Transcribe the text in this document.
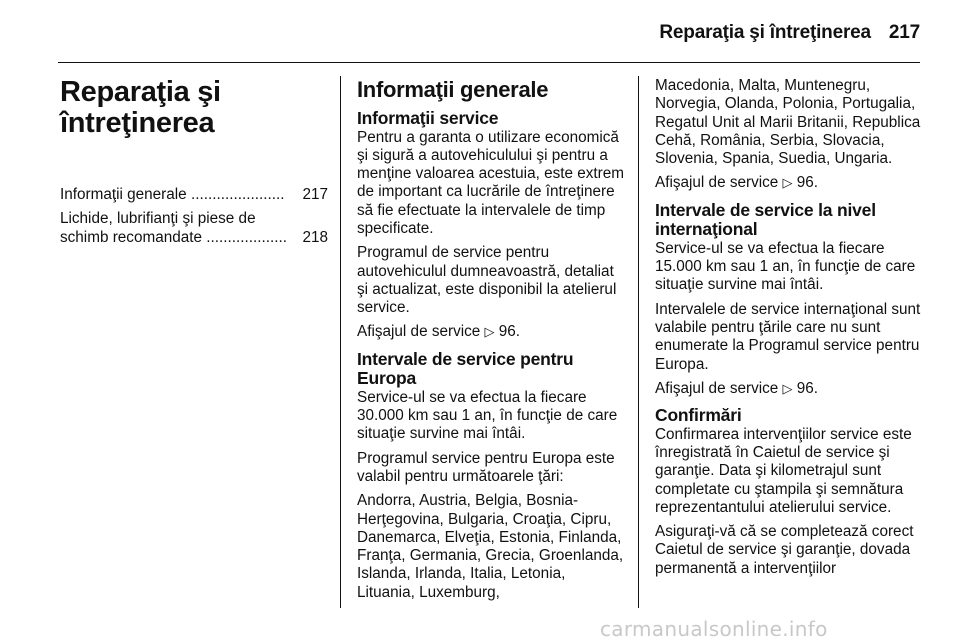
Reparaţia şi întreţinerea 217
Reparaţia şi
întreţinerea
Informaţii generale ......................	217
Lichide, lubrifianţi şi piese de
schimb recomandate ...................	218
Informaţii generale
Informaţii service

Pentru a garanta o utilizare economică şi sigură a autovehiculului şi pentru a menţine valoarea acestuia, este extrem de important ca lucrările de întreţinere să fie efectuate la intervalele de timp specificate.

Programul de service pentru autovehiculul dumneavoastră, detaliat şi actualizat, este disponibil la atelierul service.

Afişajul de service ▷ 96.

Intervale de service pentru Europa

Service-ul se va efectua la fiecare 30.000 km sau 1 an, în funcţie de care situaţie survine mai întâi.

Programul service pentru Europa este valabil pentru următoarele ţări:

Andorra, Austria, Belgia, Bosnia-Herţegovina, Bulgaria, Croaţia, Cipru, Danemarca, Elveţia, Estonia, Finlanda, Franţa, Germania, Grecia, Groenlanda, Islanda, Irlanda, Italia, Letonia, Lituania, Luxemburg,

Macedonia, Malta, Muntenegru, Norvegia, Olanda, Polonia, Portugalia, Regatul Unit al Marii Britanii, Republica Cehă, România, Serbia, Slovacia, Slovenia, Spania, Suedia, Ungaria.

Afişajul de service ▷ 96.

Intervale de service la nivel internaţional

Service-ul se va efectua la fiecare 15.000 km sau 1 an, în funcţie de care situaţie survine mai întâi.

Intervalele de service internaţional sunt valabile pentru ţările care nu sunt enumerate la Programul service pentru Europa.

Afişajul de service ▷ 96.

Confirmări

Confirmarea intervenţiilor service este înregistrată în Caietul de service şi garanţie. Data şi kilometrajul sunt completate cu ştampila şi semnătura reprezentantului atelierului service.

Asiguraţi-vă că se completează corect Caietul de service şi garanţie, dovada permanentă a intervenţiilor

carmanualsonline.info
